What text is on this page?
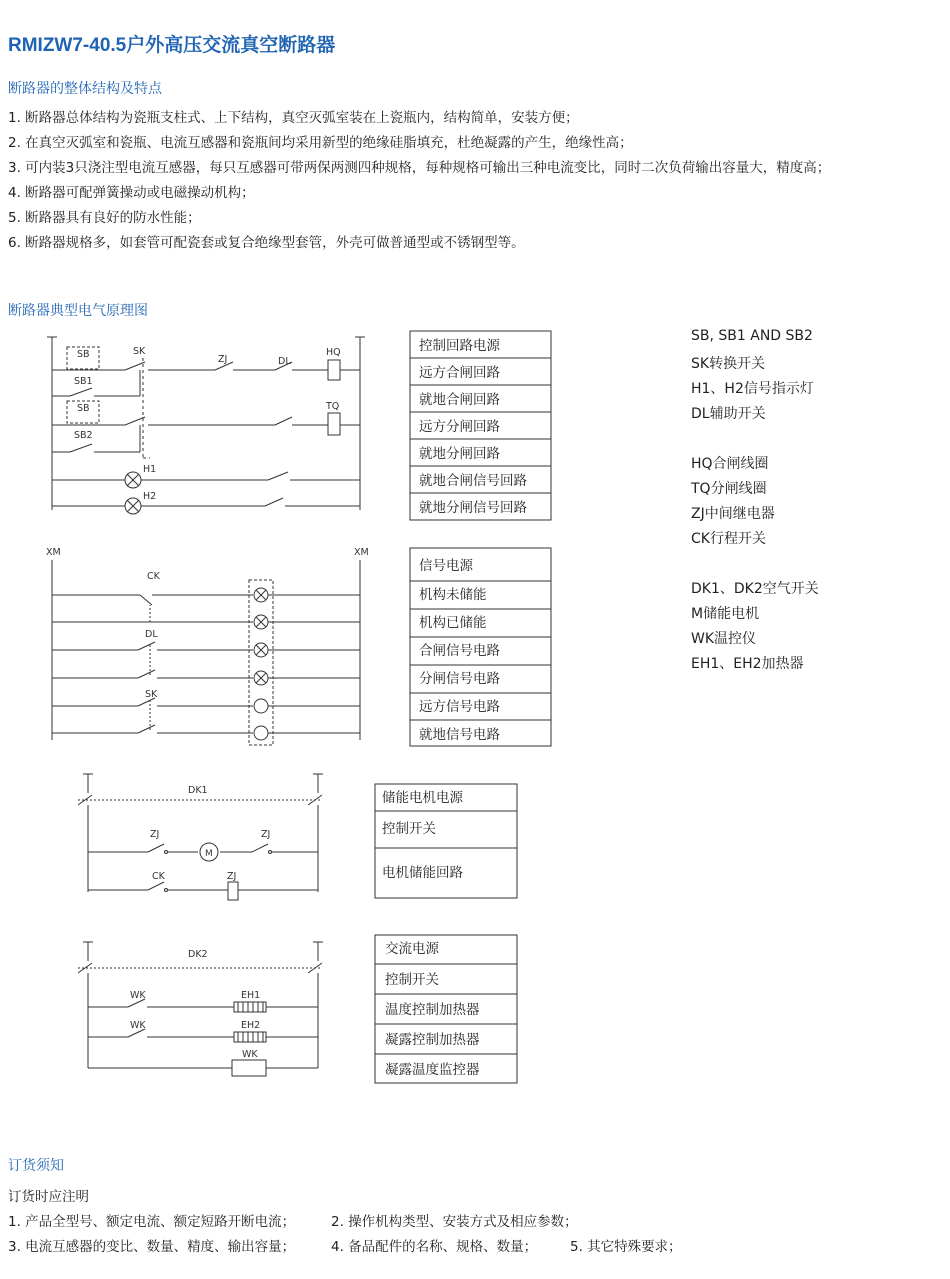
RMIZW7-40.5户外高压交流真空断路器
断路器的整体结构及特点
1. 断路器总体结构为瓷瓶支柱式、上下结构，真空灭弧室装在上瓷瓶内，结构简单，安装方便；
2. 在真空灭弧室和瓷瓶、电流互感器和瓷瓶间均采用新型的绝缘硅脂填充，杜绝凝露的产生，绝缘性高；
3. 可内装3只浇注型电流互感器，每只互感器可带两保两测四种规格，每种规格可输出三种电流变比，同时二次负荷输出容量大，精度高；
4. 断路器可配弹簧操动或电磁操动机构；
5. 断路器具有良好的防水性能；
6. 断路器规格多，如套管可配瓷套或复合绝缘型套管，外壳可做普通型或不锈钢型等。
断路器典型电气原理图
SB
SB1
SB
SB2
SK
ZJ	DL
HQ
TQ
H1
H2
XM	XM
CK
DL
SK
DK1
ZJ	ZJ
M
CK	ZJ
DK2
WK	EH1
WK	EH2
WK
控制回路电源
远方合闸回路
就地合闸回路
远方分闸回路
就地分闸回路
就地合闸信号回路
就地分闸信号回路
信号电源
机构未储能
机构已储能
合闸信号电路
分闸信号电路
远方信号电路
就地信号电路
储能电机电源
控制开关
电机储能回路
交流电源
控制开关
温度控制加热器
凝露控制加热器
凝露温度监控器
SB, SB1 AND SB2
SK转换开关
H1、H2信号指示灯
DL辅助开关
HQ合闸线圈
TQ分闸线圈
ZJ中间继电器
CK行程开关
DK1、DK2空气开关
M储能电机
WK温控仪
EH1、EH2加热器
订货须知
订货时应注明
1. 产品全型号、额定电流、额定短路开断电流；	2. 操作机构类型、安装方式及相应参数；
3. 电流互感器的变比、数量、精度、输出容量；	4. 备品配件的名称、规格、数量； 5. 其它特殊要求；
